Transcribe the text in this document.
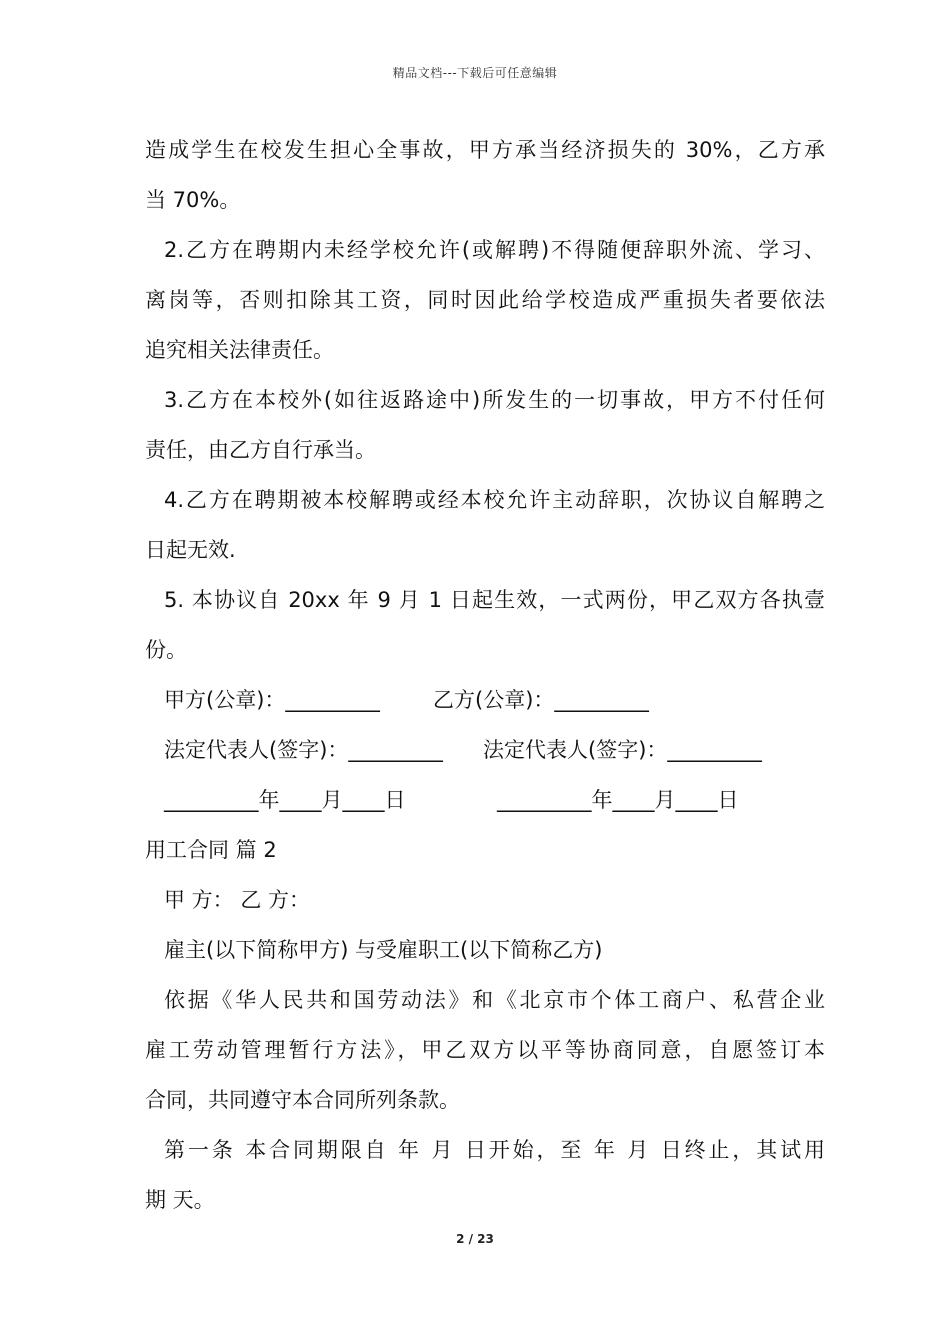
精品文档---下载后可任意编辑
造成学生在校发生担心全事故，甲方承当经济损失的 30%，乙方承
当 70%。
2.乙方在聘期内未经学校允许(或解聘)不得随便辞职外流、学习、
离岗等，否则扣除其工资，同时因此给学校造成严重损失者要依法
追究相关法律责任。
3.乙方在本校外(如往返路途中)所发生的一切事故，甲方不付任何
责任，由乙方自行承当。
4.乙方在聘期被本校解聘或经本校允许主动辞职，次协议自解聘之
日起无效.
5. 本协议自 20xx 年 9 月 1 日起生效，一式两份，甲乙双方各执壹
份。
甲方(公章)：_________	乙方(公章)：_________
法定代表人(签字)：_________ 法定代表人(签字)：_________
_________年____月____日	_________年____月____日
用工合同 篇 2
甲 方： 乙 方：
雇主(以下简称甲方) 与受雇职工(以下简称乙方)
依据《华人民共和国劳动法》和《北京市个体工商户、私营企业
雇工劳动管理暂行方法》，甲乙双方以平等协商同意，自愿签订本
合同，共同遵守本合同所列条款。
第一条 本合同期限自 年 月 日开始，至 年 月 日终止，其试用
期 天。
2 / 23
